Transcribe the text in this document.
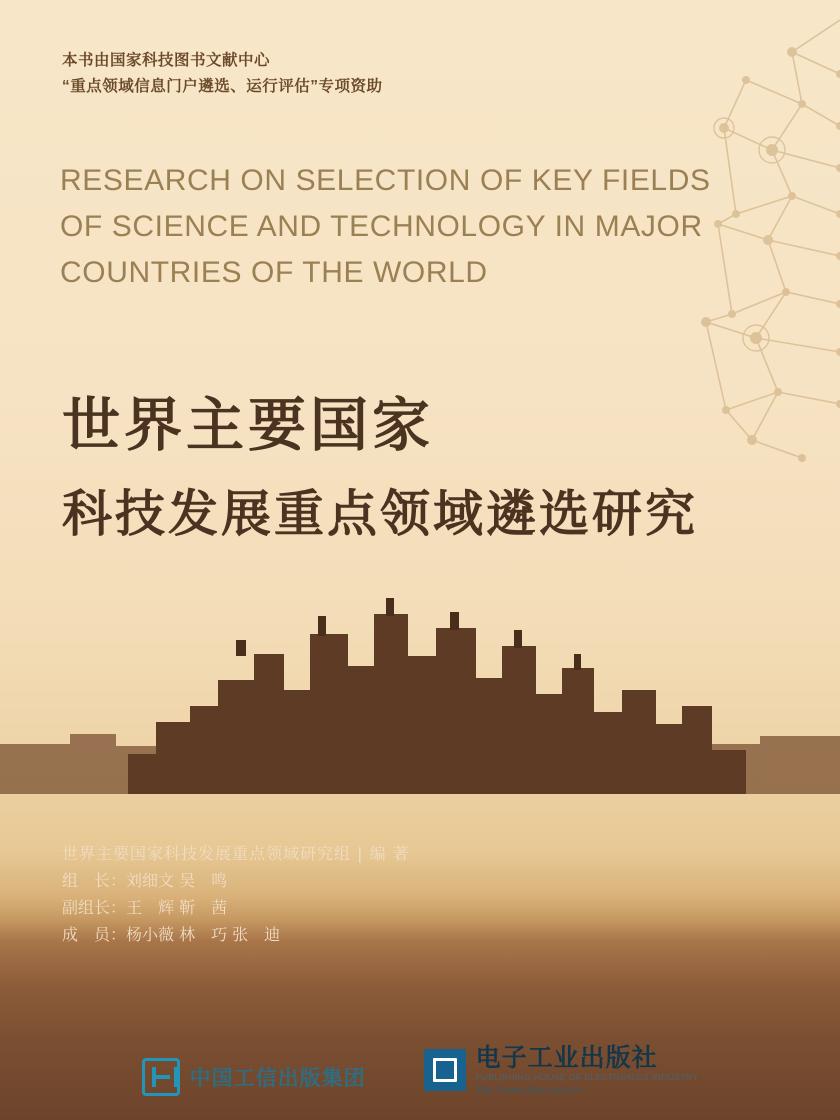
本书由国家科技图书文献中心
“重点领域信息门户遴选、运行评估”专项资助
RESEARCH ON SELECTION OF KEY FIELDS
OF SCIENCE AND TECHNOLOGY IN MAJOR
COUNTRIES OF THE WORLD
世界主要国家
科技发展重点领域遴选研究
世界主要国家科技发展重点领域研究组 | 编 著
组　长：刘细文 吴　鸣
副组长：王　辉 靳　茜
成　员：杨小薇 林　巧 张　迪
中国工信出版集团
电子工业出版社
PUBLISHING HOUSE OF ELECTRONICS INDUSTRY
http://www.phei.com.cn
